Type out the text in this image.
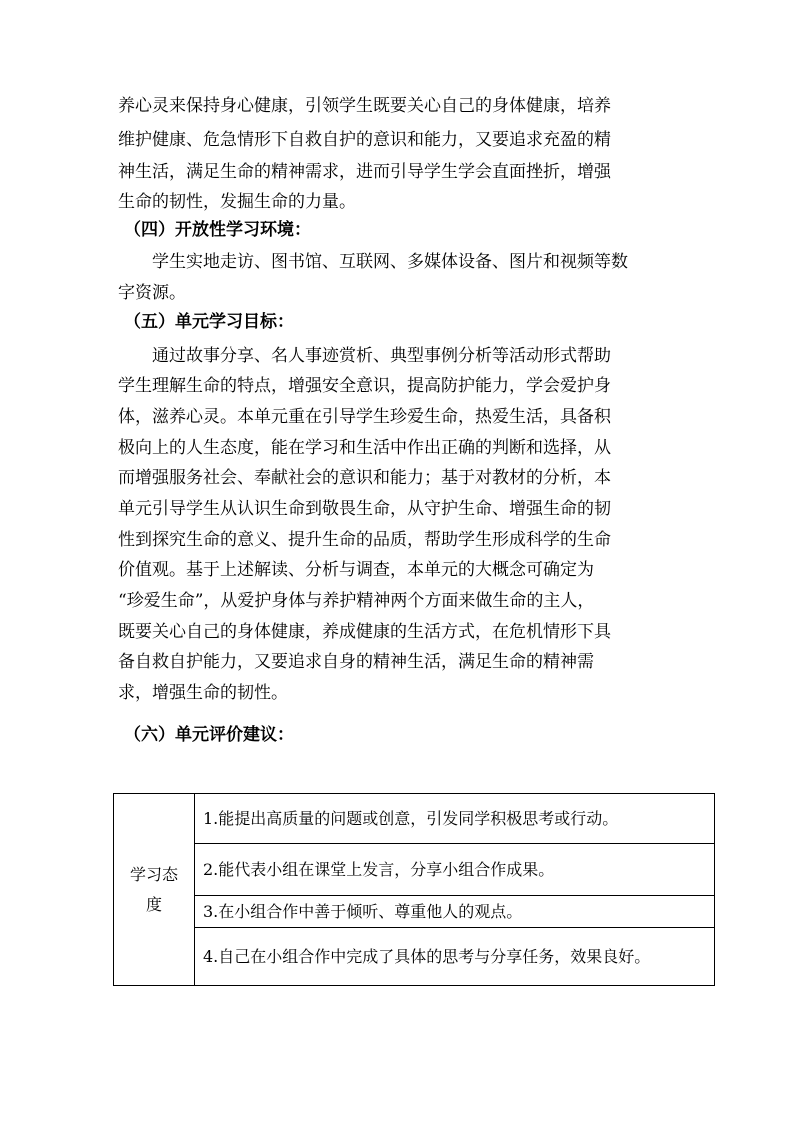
养心灵来保持身心健康，引领学生既要关心自己的身体健康，培养
维护健康、危急情形下自救自护的意识和能力，又要追求充盈的精
神生活，满足生命的精神需求，进而引导学生学会直面挫折，增强
生命的韧性，发掘生命的力量。
（四）开放性学习环境：
学生实地走访、图书馆、互联网、多媒体设备、图片和视频等数
字资源。
（五）单元学习目标：
通过故事分享、名人事迹赏析、典型事例分析等活动形式帮助
学生理解生命的特点，增强安全意识，提高防护能力，学会爱护身
体，滋养心灵。本单元重在引导学生珍爱生命，热爱生活，具备积
极向上的人生态度，能在学习和生活中作出正确的判断和选择，从
而增强服务社会、奉献社会的意识和能力；基于对教材的分析，本
单元引导学生从认识生命到敬畏生命，从守护生命、增强生命的韧
性到探究生命的意义、提升生命的品质，帮助学生形成科学的生命
价值观。基于上述解读、分析与调查，本单元的大概念可确定为
“珍爱生命”，从爱护身体与养护精神两个方面来做生命的主人，
既要关心自己的身体健康，养成健康的生活方式，在危机情形下具
备自救自护能力，又要追求自身的精神生活，满足生命的精神需
求，增强生命的韧性。
（六）单元评价建议：
学习态度
	1.能提出高质量的问题或创意，引发同学积极思考或行动。
2.能代表小组在课堂上发言，分享小组合作成果。
3.在小组合作中善于倾听、尊重他人的观点。
4.自己在小组合作中完成了具体的思考与分享任务，效果良好。
